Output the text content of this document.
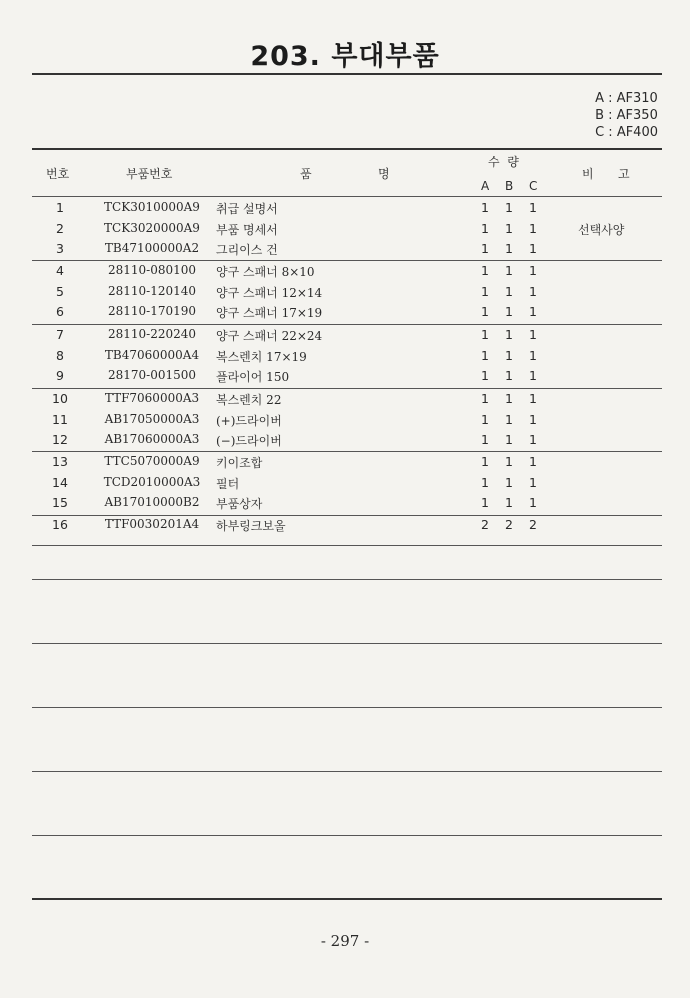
203. 부대부품
A : AF310
B : AF350
C : AF400
번호	부품번호	품	명
수  량
A B C
비 고
1	TCK3010000A9 취급 설명서	1 1 1
2	TCK3020000A9 부품 명세서	1 1 1	선택사양
3	TB47100000A2 그리이스 건	1 1 1
4	28110-080100	양구 스패너 8×10	1 1 1
5	28110-120140	양구 스패너 12×14	1 1 1
6	28110-170190	양구 스패너 17×19	1 1 1
7	28110-220240	양구 스패너 22×24	1 1 1
8	TB47060000A4 복스렌치 17×19	1 1 1
9	28170-001500	플라이어 150	1 1 1
10	TTF7060000A3 복스렌치 22	1 1 1
11	AB17050000A3 (+)드라이버	1 1 1
12	AB17060000A3 (−)드라이버	1 1 1
13	TTC5070000A9 키이조합	1 1 1
14	TCD2010000A3 필터	1 1 1
15	AB17010000B2 부품상자	1 1 1
16	TTF0030201A4 하부링크보올	2 2 2
- 297 -
